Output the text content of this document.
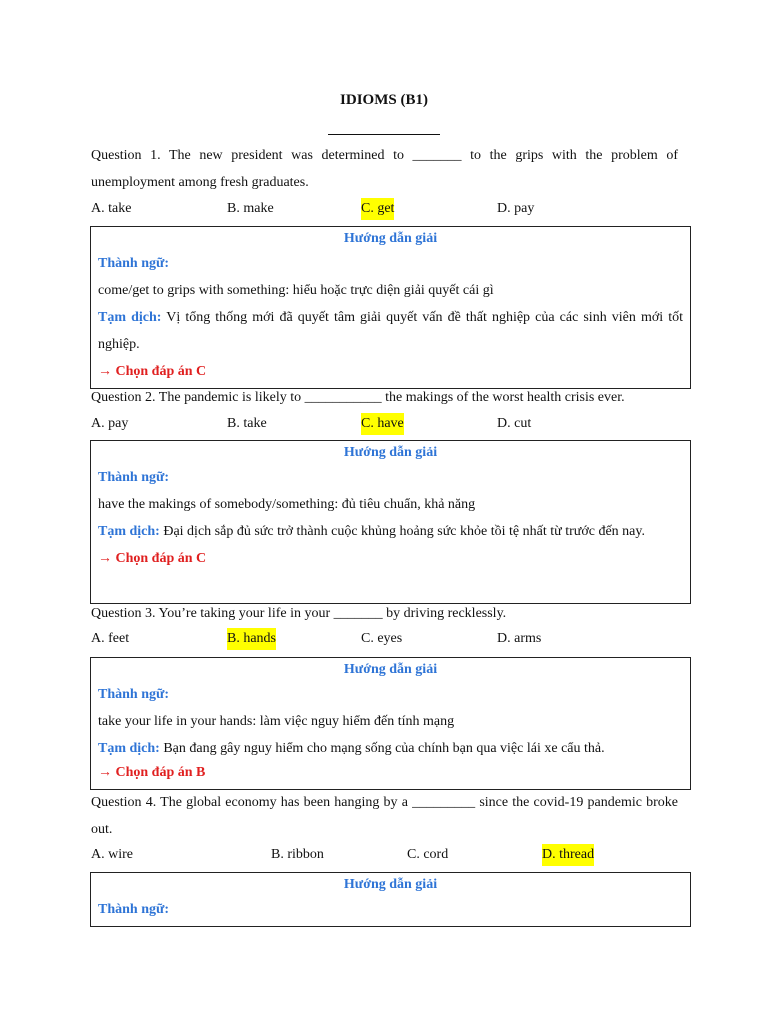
IDIOMS (B1)
Question 1. The new president was determined to _______ to the grips with the problem of unemployment among fresh graduates.
A. take	B. make	C. get	D. pay
Hướng dẫn giải
Thành ngữ:
come/get to grips with something: hiểu hoặc trực diện giải quyết cái gì
Tạm dịch: Vị tổng thống mới đã quyết tâm giải quyết vấn đề thất nghiệp của các sinh viên mới tốt nghiệp.
→ Chọn đáp án C
Question 2. The pandemic is likely to ___________ the makings of the worst health crisis ever.
A. pay	B. take	C. have	D. cut
Hướng dẫn giải
Thành ngữ:
have the makings of somebody/something: đủ tiêu chuẩn, khả năng
Tạm dịch: Đại dịch sắp đủ sức trở thành cuộc khủng hoảng sức khỏe tồi tệ nhất từ trước đến nay.
→ Chọn đáp án C
Question 3. You’re taking your life in your _______ by driving recklessly.
A. feet	B. hands	C. eyes	D. arms
Hướng dẫn giải
Thành ngữ:
take your life in your hands: làm việc nguy hiểm đến tính mạng
Tạm dịch: Bạn đang gây nguy hiểm cho mạng sống của chính bạn qua việc lái xe cẩu thả.
→ Chọn đáp án B
Question 4. The global economy has been hanging by a _________ since the covid-19 pandemic broke out.
A. wire	B. ribbon	C. cord	D. thread
Hướng dẫn giải
Thành ngữ:
